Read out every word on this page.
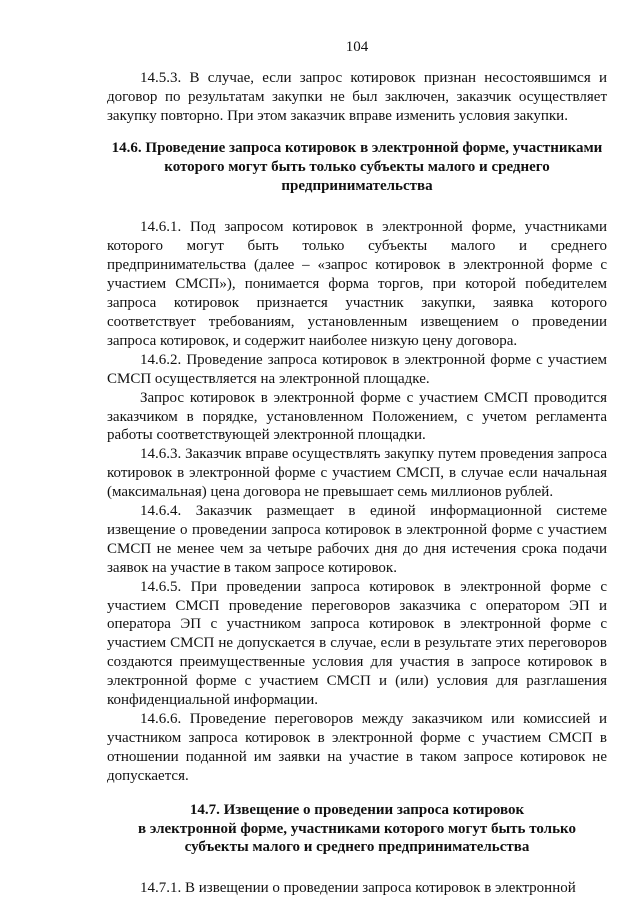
104

14.5.3. В случае, если запрос котировок признан несостоявшимся и договор по результатам закупки не был заключен, заказчик осуществляет закупку повторно. При этом заказчик вправе изменить условия закупки.

14.6. Проведение запроса котировок в электронной форме, участниками которого могут быть только субъекты малого и среднего предпринимательства

14.6.1. Под запросом котировок в электронной форме, участниками которого могут быть только субъекты малого и среднего предпринимательства (далее – «запрос котировок в электронной форме с участием СМСП»), понимается форма торгов, при которой победителем запроса котировок признается участник закупки, заявка которого соответствует требованиям, установленным извещением о проведении запроса котировок, и содержит наиболее низкую цену договора.

14.6.2. Проведение запроса котировок в электронной форме с участием СМСП осуществляется на электронной площадке.

Запрос котировок в электронной форме с участием СМСП проводится заказчиком в порядке, установленном Положением, с учетом регламента работы соответствующей электронной площадки.

14.6.3. Заказчик вправе осуществлять закупку путем проведения запроса котировок в электронной форме с участием СМСП, в случае если начальная (максимальная) цена договора не превышает семь миллионов рублей.

14.6.4. Заказчик размещает в единой информационной системе извещение о проведении запроса котировок в электронной форме с участием СМСП не менее чем за четыре рабочих дня до дня истечения срока подачи заявок на участие в таком запросе котировок.

14.6.5. При проведении запроса котировок в электронной форме с участием СМСП проведение переговоров заказчика с оператором ЭП и оператора ЭП с участником запроса котировок в электронной форме с участием СМСП не допускается в случае, если в результате этих переговоров создаются преимущественные условия для участия в запросе котировок в электронной форме с участием СМСП и (или) условия для разглашения конфиденциальной информации.

14.6.6. Проведение переговоров между заказчиком или комиссией и участником запроса котировок в электронной форме с участием СМСП в отношении поданной им заявки на участие в таком запросе котировок не допускается.

14.7. Извещение о проведении запроса котировок
в электронной форме, участниками которого могут быть только
субъекты малого и среднего предпринимательства

14.7.1. В извещении о проведении запроса котировок в электронной
